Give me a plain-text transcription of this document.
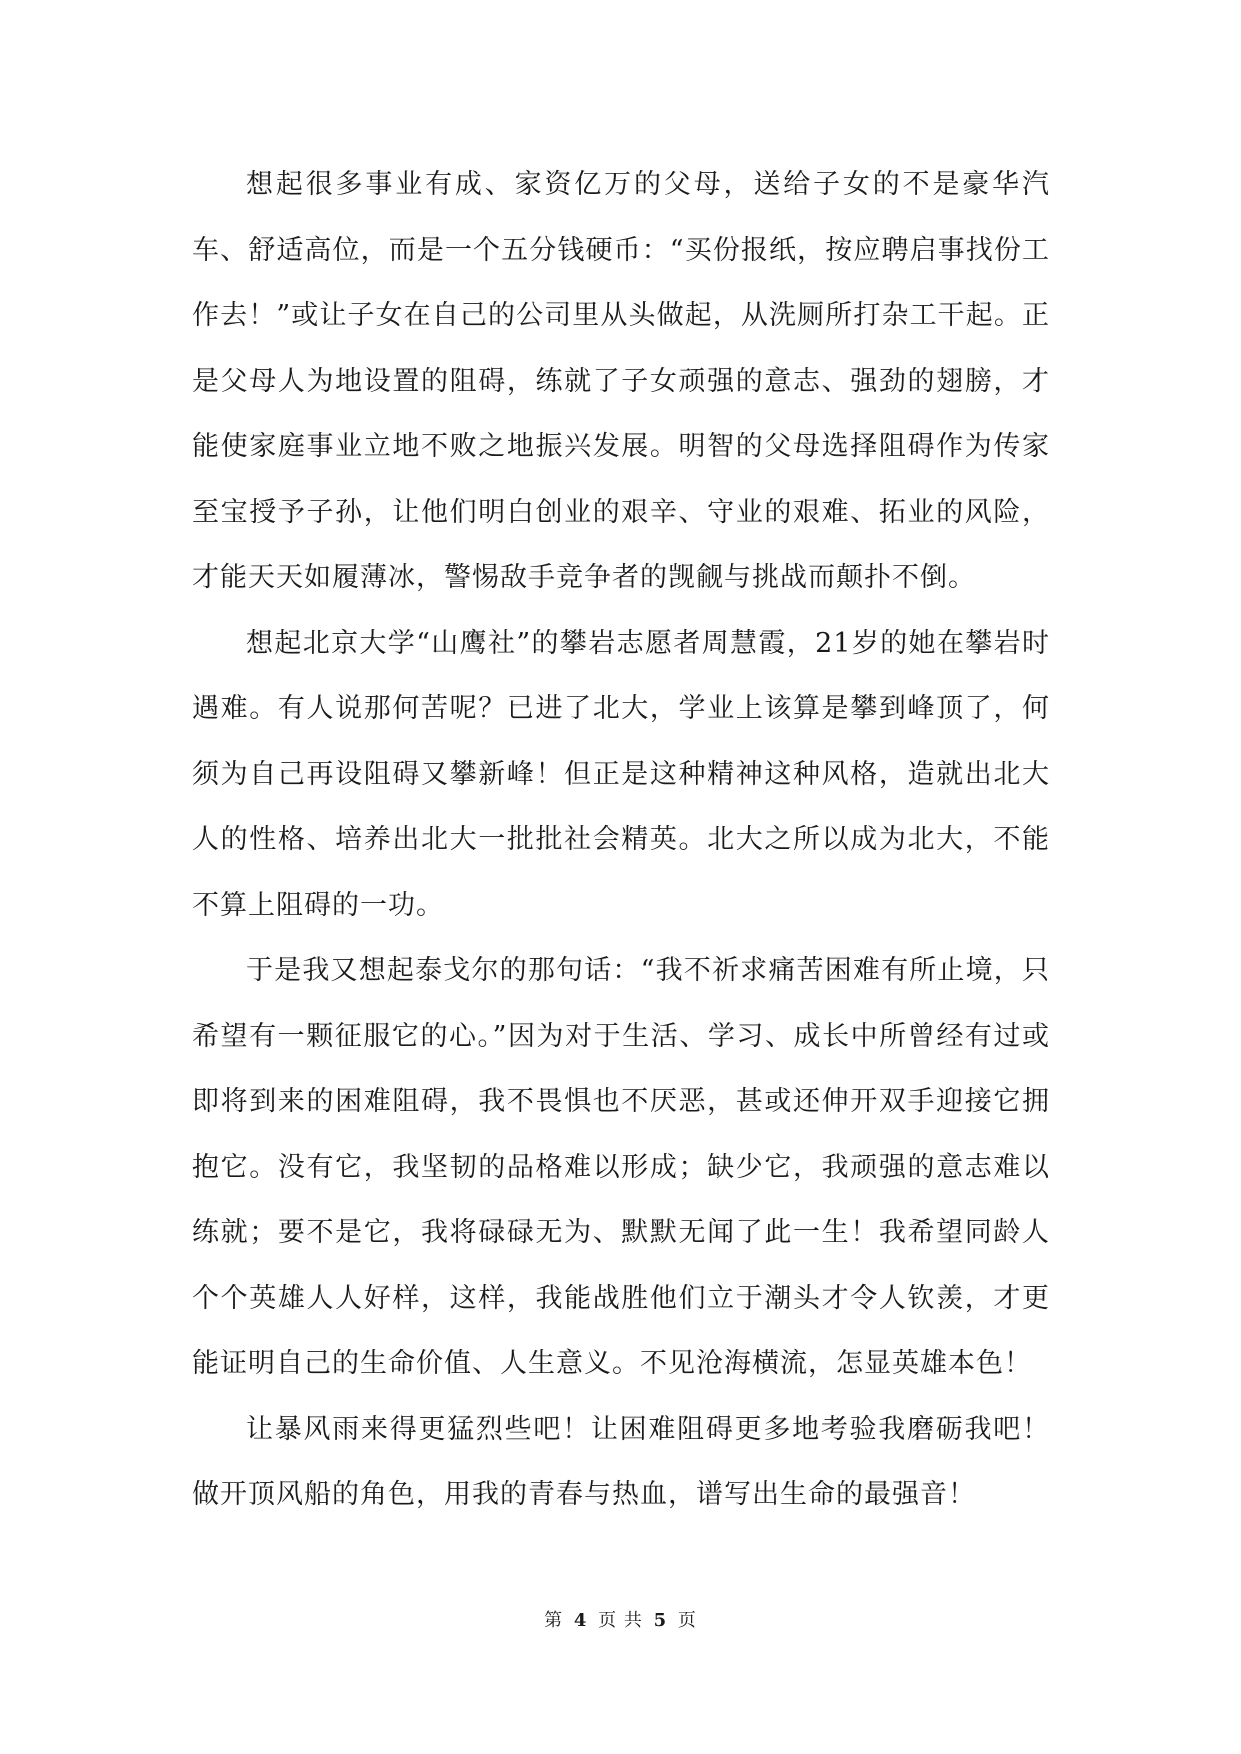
想起很多事业有成、家资亿万的父母，送给子女的不是豪华汽车、舒适高位，而是一个五分钱硬币：“买份报纸，按应聘启事找份工作去！”或让子女在自己的公司里从头做起，从洗厕所打杂工干起。正是父母人为地设置的阻碍，练就了子女顽强的意志、强劲的翅膀，才能使家庭事业立地不败之地振兴发展。明智的父母选择阻碍作为传家至宝授予子孙，让他们明白创业的艰辛、守业的艰难、拓业的风险，才能天天如履薄冰，警惕敌手竞争者的觊觎与挑战而颠扑不倒。

想起北京大学“山鹰社”的攀岩志愿者周慧霞，21岁的她在攀岩时遇难。有人说那何苦呢？已进了北大，学业上该算是攀到峰顶了，何须为自己再设阻碍又攀新峰！但正是这种精神这种风格，造就出北大人的性格、培养出北大一批批社会精英。北大之所以成为北大，不能不算上阻碍的一功。

于是我又想起泰戈尔的那句话：“我不祈求痛苦困难有所止境，只希望有一颗征服它的心。”因为对于生活、学习、成长中所曾经有过或即将到来的困难阻碍，我不畏惧也不厌恶，甚或还伸开双手迎接它拥抱它。没有它，我坚韧的品格难以形成；缺少它，我顽强的意志难以练就；要不是它，我将碌碌无为、默默无闻了此一生！我希望同龄人个个英雄人人好样，这样，我能战胜他们立于潮头才令人钦羡，才更能证明自己的生命价值、人生意义。不见沧海横流，怎显英雄本色！

让暴风雨来得更猛烈些吧！让困难阻碍更多地考验我磨砺我吧！做开顶风船的角色，用我的青春与热血，谱写出生命的最强音！

第 4 页 共 5 页
